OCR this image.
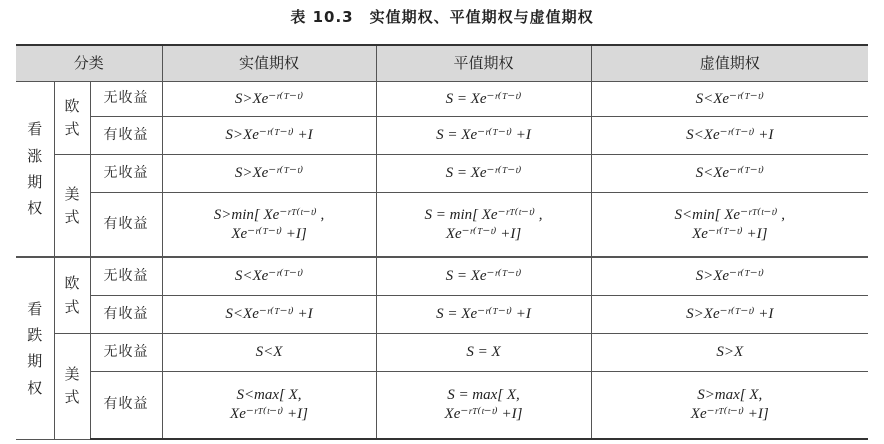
表 10.3　实值期权、平值期权与虚值期权
分类			实值期权	平值期权	虚值期权
看涨期权	欧式	无收益	S>Xe⁻ʳ⁽ᵀ⁻ᵗ⁾	S = Xe⁻ʳ⁽ᵀ⁻ᵗ⁾	S<Xe⁻ʳ⁽ᵀ⁻ᵗ⁾

		有收益	S>Xe⁻ʳ⁽ᵀ⁻ᵗ⁾ +I	S = Xe⁻ʳ⁽ᵀ⁻ᵗ⁾ +I	S<Xe⁻ʳ⁽ᵀ⁻ᵗ⁾ +I

	美式	无收益	S>Xe⁻ʳ⁽ᵀ⁻ᵗ⁾	S = Xe⁻ʳ⁽ᵀ⁻ᵗ⁾	S<Xe⁻ʳ⁽ᵀ⁻ᵗ⁾

		有收益	S>min[ Xe⁻ʳᵀ⁽ᵗ⁻ᵗ⁾ ,
Xe⁻ʳ⁽ᵀ⁻ᵗ⁾ +I]	S = min[ Xe⁻ʳᵀ⁽ᵗ⁻ᵗ⁾ ,
Xe⁻ʳ⁽ᵀ⁻ᵗ⁾ +I]	S<min[ Xe⁻ʳᵀ⁽ᵗ⁻ᵗ⁾ ,
Xe⁻ʳ⁽ᵀ⁻ᵗ⁾ +I]

看跌期权	欧式	无收益	S<Xe⁻ʳ⁽ᵀ⁻ᵗ⁾	S = Xe⁻ʳ⁽ᵀ⁻ᵗ⁾	S>Xe⁻ʳ⁽ᵀ⁻ᵗ⁾

		有收益	S<Xe⁻ʳ⁽ᵀ⁻ᵗ⁾ +I	S = Xe⁻ʳ⁽ᵀ⁻ᵗ⁾ +I	S>Xe⁻ʳ⁽ᵀ⁻ᵗ⁾ +I

	美式	无收益	S<X	S = X	S>X

		有收益	S<max[ X,
Xe⁻ʳᵀ⁽ᵗ⁻ᵗ⁾ +I]	S = max[ X,
Xe⁻ʳᵀ⁽ᵗ⁻ᵗ⁾ +I]	S>max[ X,
Xe⁻ʳᵀ⁽ᵗ⁻ᵗ⁾ +I]
